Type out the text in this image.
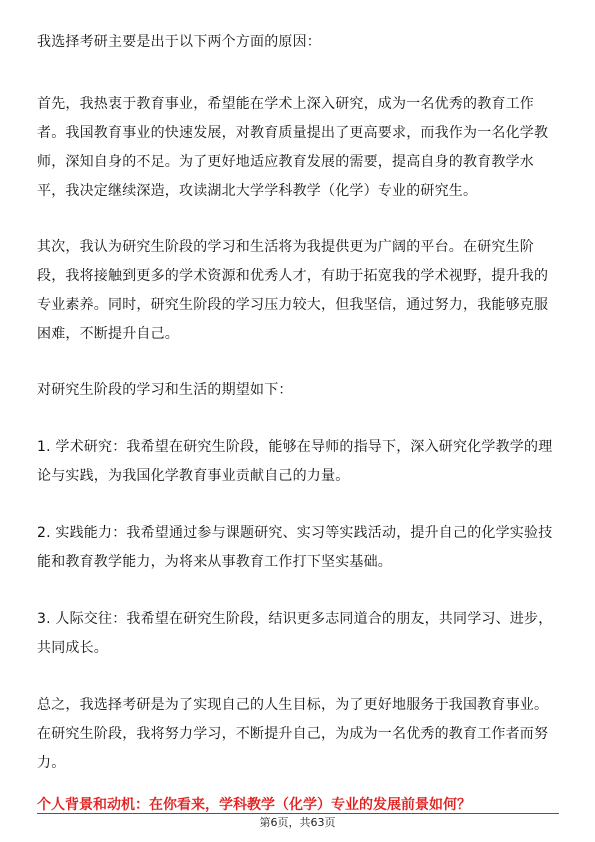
我选择考研主要是出于以下两个方面的原因：

首先，我热衷于教育事业，希望能在学术上深入研究，成为一名优秀的教育工作者。我国教育事业的快速发展，对教育质量提出了更高要求，而我作为一名化学教师，深知自身的不足。为了更好地适应教育发展的需要，提高自身的教育教学水平，我决定继续深造，攻读湖北大学学科教学（化学）专业的研究生。

其次，我认为研究生阶段的学习和生活将为我提供更为广阔的平台。在研究生阶段，我将接触到更多的学术资源和优秀人才，有助于拓宽我的学术视野，提升我的专业素养。同时，研究生阶段的学习压力较大，但我坚信，通过努力，我能够克服困难，不断提升自己。

对研究生阶段的学习和生活的期望如下：

1. 学术研究：我希望在研究生阶段，能够在导师的指导下，深入研究化学教学的理论与实践，为我国化学教育事业贡献自己的力量。

2. 实践能力：我希望通过参与课题研究、实习等实践活动，提升自己的化学实验技能和教育教学能力，为将来从事教育工作打下坚实基础。

3. 人际交往：我希望在研究生阶段，结识更多志同道合的朋友，共同学习、进步，共同成长。

总之，我选择考研是为了实现自己的人生目标，为了更好地服务于我国教育事业。在研究生阶段，我将努力学习，不断提升自己，为成为一名优秀的教育工作者而努力。

个人背景和动机：在你看来，学科教学（化学）专业的发展前景如何？

第6页，共63页
